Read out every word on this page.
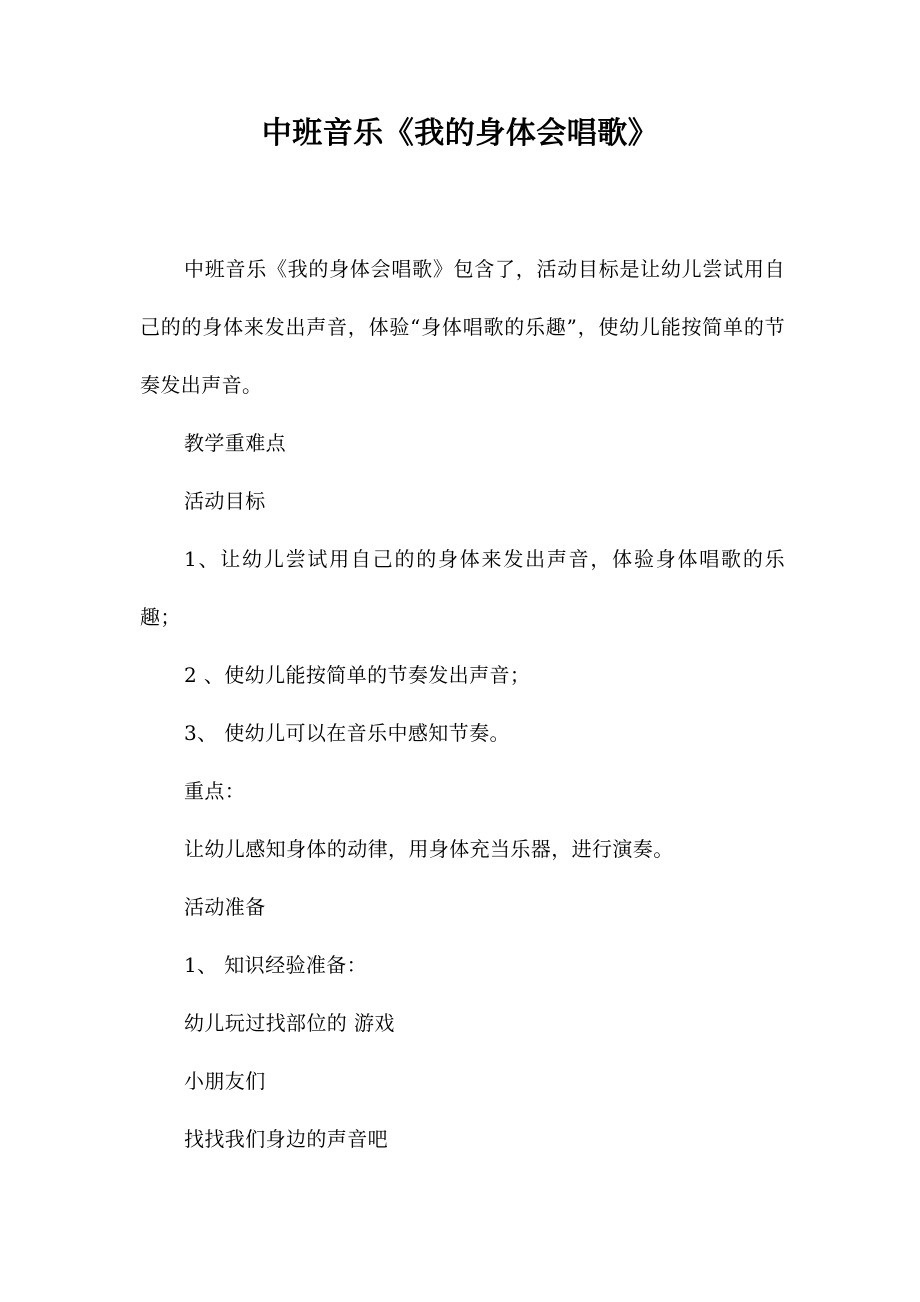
中班音乐《我的身体会唱歌》

中班音乐《我的身体会唱歌》包含了，活动目标是让幼儿尝试用自己的的身体来发出声音，体验“身体唱歌的乐趣”，使幼儿能按简单的节奏发出声音。

教学重难点

活动目标

1、让幼儿尝试用自己的的身体来发出声音，体验身体唱歌的乐趣；

2 、使幼儿能按简单的节奏发出声音；

3、 使幼儿可以在音乐中感知节奏。

重点：

让幼儿感知身体的动律，用身体充当乐器，进行演奏。

活动准备

1、 知识经验准备：

幼儿玩过找部位的 游戏

小朋友们

找找我们身边的声音吧
